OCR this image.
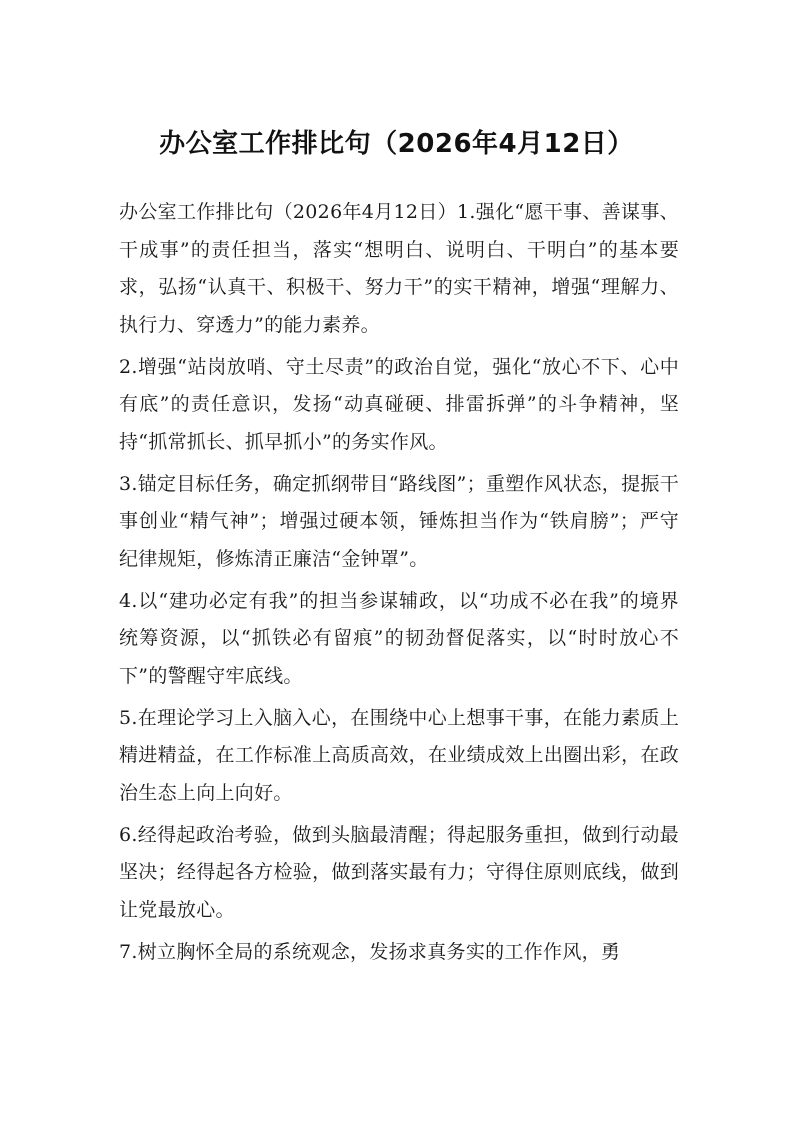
办公室工作排比句（2026年4月12日）

办公室工作排比句（2026年4月12日）1.强化“愿干事、善谋事、干成事”的责任担当，落实“想明白、说明白、干明白”的基本要求，弘扬“认真干、积极干、努力干”的实干精神，增强“理解力、执行力、穿透力”的能力素养。

2.增强“站岗放哨、守土尽责”的政治自觉，强化“放心不下、心中有底”的责任意识，发扬“动真碰硬、排雷拆弹”的斗争精神，坚持“抓常抓长、抓早抓小”的务实作风。

3.锚定目标任务，确定抓纲带目“路线图”；重塑作风状态，提振干事创业“精气神”；增强过硬本领，锤炼担当作为“铁肩膀”；严守纪律规矩，修炼清正廉洁“金钟罩”。

4.以“建功必定有我”的担当参谋辅政，以“功成不必在我”的境界统筹资源，以“抓铁必有留痕”的韧劲督促落实，以“时时放心不下”的警醒守牢底线。

5.在理论学习上入脑入心，在围绕中心上想事干事，在能力素质上精进精益，在工作标准上高质高效，在业绩成效上出圈出彩，在政治生态上向上向好。

6.经得起政治考验，做到头脑最清醒；得起服务重担，做到行动最坚决；经得起各方检验，做到落实最有力；守得住原则底线，做到让党最放心。

7.树立胸怀全局的系统观念，发扬求真务实的工作作风，勇
